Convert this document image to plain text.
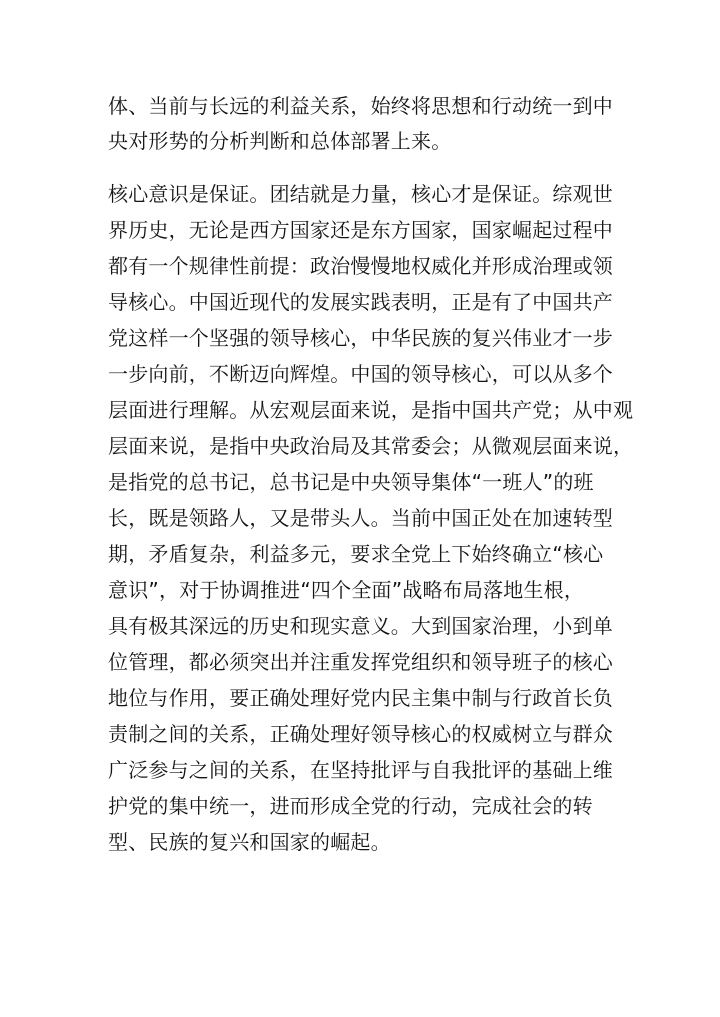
体、当前与长远的利益关系，始终将思想和行动统一到中

央对形势的分析判断和总体部署上来。

核心意识是保证。团结就是力量，核心才是保证。综观世

界历史，无论是西方国家还是东方国家，国家崛起过程中

都有一个规律性前提：政治慢慢地权威化并形成治理或领

导核心。中国近现代的发展实践表明，正是有了中国共产

党这样一个坚强的领导核心，中华民族的复兴伟业才一步

一步向前，不断迈向辉煌。中国的领导核心，可以从多个

层面进行理解。从宏观层面来说，是指中国共产党；从中观

层面来说，是指中央政治局及其常委会；从微观层面来说，

是指党的总书记，总书记是中央领导集体“一班人”的班

长，既是领路人，又是带头人。当前中国正处在加速转型

期，矛盾复杂，利益多元，要求全党上下始终确立“核心

意识”，对于协调推进“四个全面”战略布局落地生根，

具有极其深远的历史和现实意义。大到国家治理，小到单

位管理，都必须突出并注重发挥党组织和领导班子的核心

地位与作用，要正确处理好党内民主集中制与行政首长负

责制之间的关系，正确处理好领导核心的权威树立与群众

广泛参与之间的关系，在坚持批评与自我批评的基础上维

护党的集中统一，进而形成全党的行动，完成社会的转

型、民族的复兴和国家的崛起。
